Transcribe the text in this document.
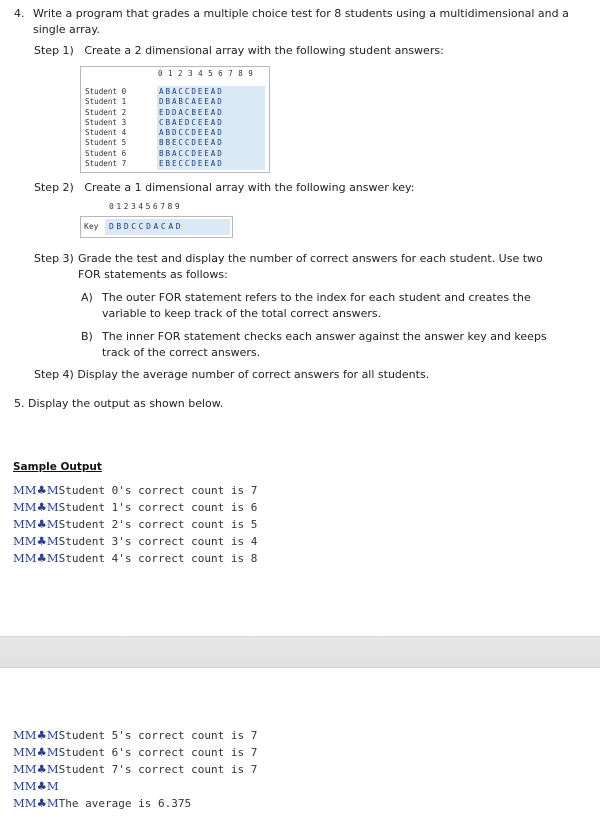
4. Write a program that grades a multiple choice test for 8 students using a multidimensional and a single array.
Step 1) Create a 2 dimensional array with the following student answers:
0 1 2 3 4 5 6 7 8 9
Student 0
Student 1
Student 2
Student 3
Student 4
Student 5
Student 6
Student 7
ABACCDEEAD
DBABCAEEAD
EDDACBEEAD
CBAEDCEEAD
ABDCCDEEAD
BBECCDEEAD
BBACCDEEAD
EBECCDEEAD
Step 2) Create a 1 dimensional array with the following answer key:
0123456789
Key DBDCCDACAD
Step 3) Grade the test and display the number of correct answers for each student. Use two FOR statements as follows:
A) The outer FOR statement refers to the index for each student and creates the variable to keep track of the total correct answers.
B) The inner FOR statement checks each answer against the answer key and keeps track of the correct answers.
Step 4) Display the average number of correct answers for all students.
5. Display the output as shown below.
Sample Output
MM♣MStudent 0's correct count is 7
MM♣MStudent 1's correct count is 6
MM♣MStudent 2's correct count is 5
MM♣MStudent 3's correct count is 4
MM♣MStudent 4's correct count is 8
MM♣MStudent 5's correct count is 7
MM♣MStudent 6's correct count is 7
MM♣MStudent 7's correct count is 7
MM♣M
MM♣MThe average is 6.375
